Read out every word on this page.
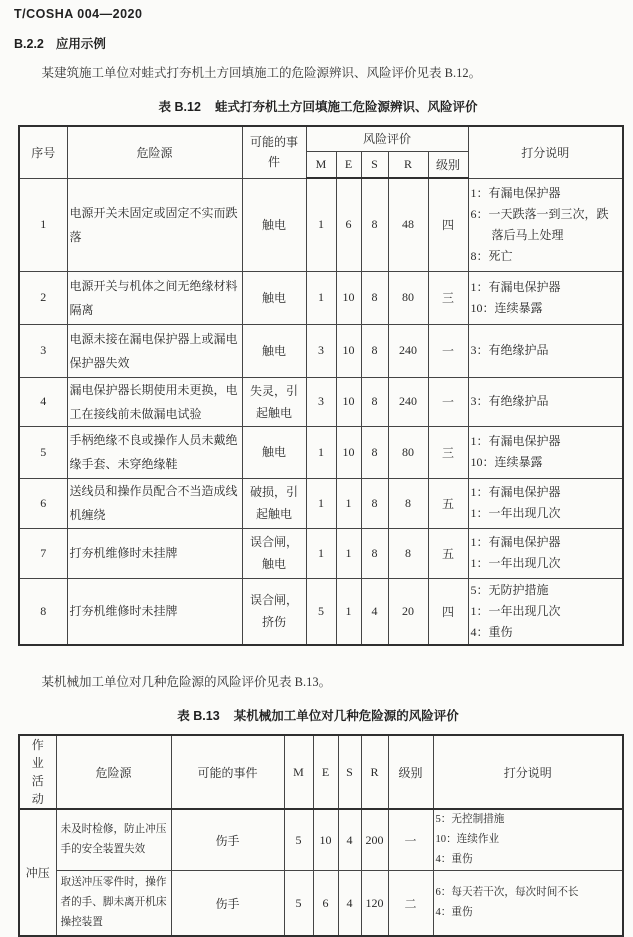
T/COSHA 004—2020
B.2.2 应用示例

某建筑施工单位对蛙式打夯机土方回填施工的危险源辨识、风险评价见表 B.12。

表 B.12 蛙式打夯机土方回填施工危险源辨识、风险评价
序号	危险源	可能的事件	风险评价					打分说明
			M	E	S	R	级别	
1	电源开关未固定或固定不实而跌落	触电	1	6	8	48	四	1：有漏电保护器
6：一天跌落一到三次，跌落后马上处理
8：死亡

2	电源开关与机体之间无绝缘材料隔离	触电	1	10	8	80	三	1：有漏电保护器
10：连续暴露

3	电源未接在漏电保护器上或漏电保护器失效	触电	3	10	8	240	一	3：有绝缘护品

4	漏电保护器长期使用未更换，电工在接线前未做漏电试验	失灵，引起触电	3	10	8	240	一	3：有绝缘护品

5	手柄绝缘不良或操作人员未戴绝缘手套、未穿绝缘鞋	触电	1	10	8	80	三	1：有漏电保护器
10：连续暴露

6	送线员和操作员配合不当造成线机缠绕	破损，引起触电	1	1	8	8	五	1：有漏电保护器
1：一年出现几次

7	打夯机维修时未挂牌	误合闸，触电	1	1	8	8	五	1：有漏电保护器
1：一年出现几次

8	打夯机维修时未挂牌	误合闸，挤伤	5	1	4	20	四	5：无防护措施
1：一年出现几次
4：重伤

某机械加工单位对几种危险源的风险评价见表 B.13。

表 B.13 某机械加工单位对几种危险源的风险评价
作业活动	危险源	可能的事件	M	E	S	R	级别	打分说明
冲压	未及时检修，防止冲压手的安全装置失效	伤手	5	10	4	200	一	5：无控制措施
10：连续作业
4：重伤

	取送冲压零件时，操作者的手、脚未离开机床操控装置	伤手	5	6	4	120	二	6：每天若干次，每次时间不长
4：重伤
